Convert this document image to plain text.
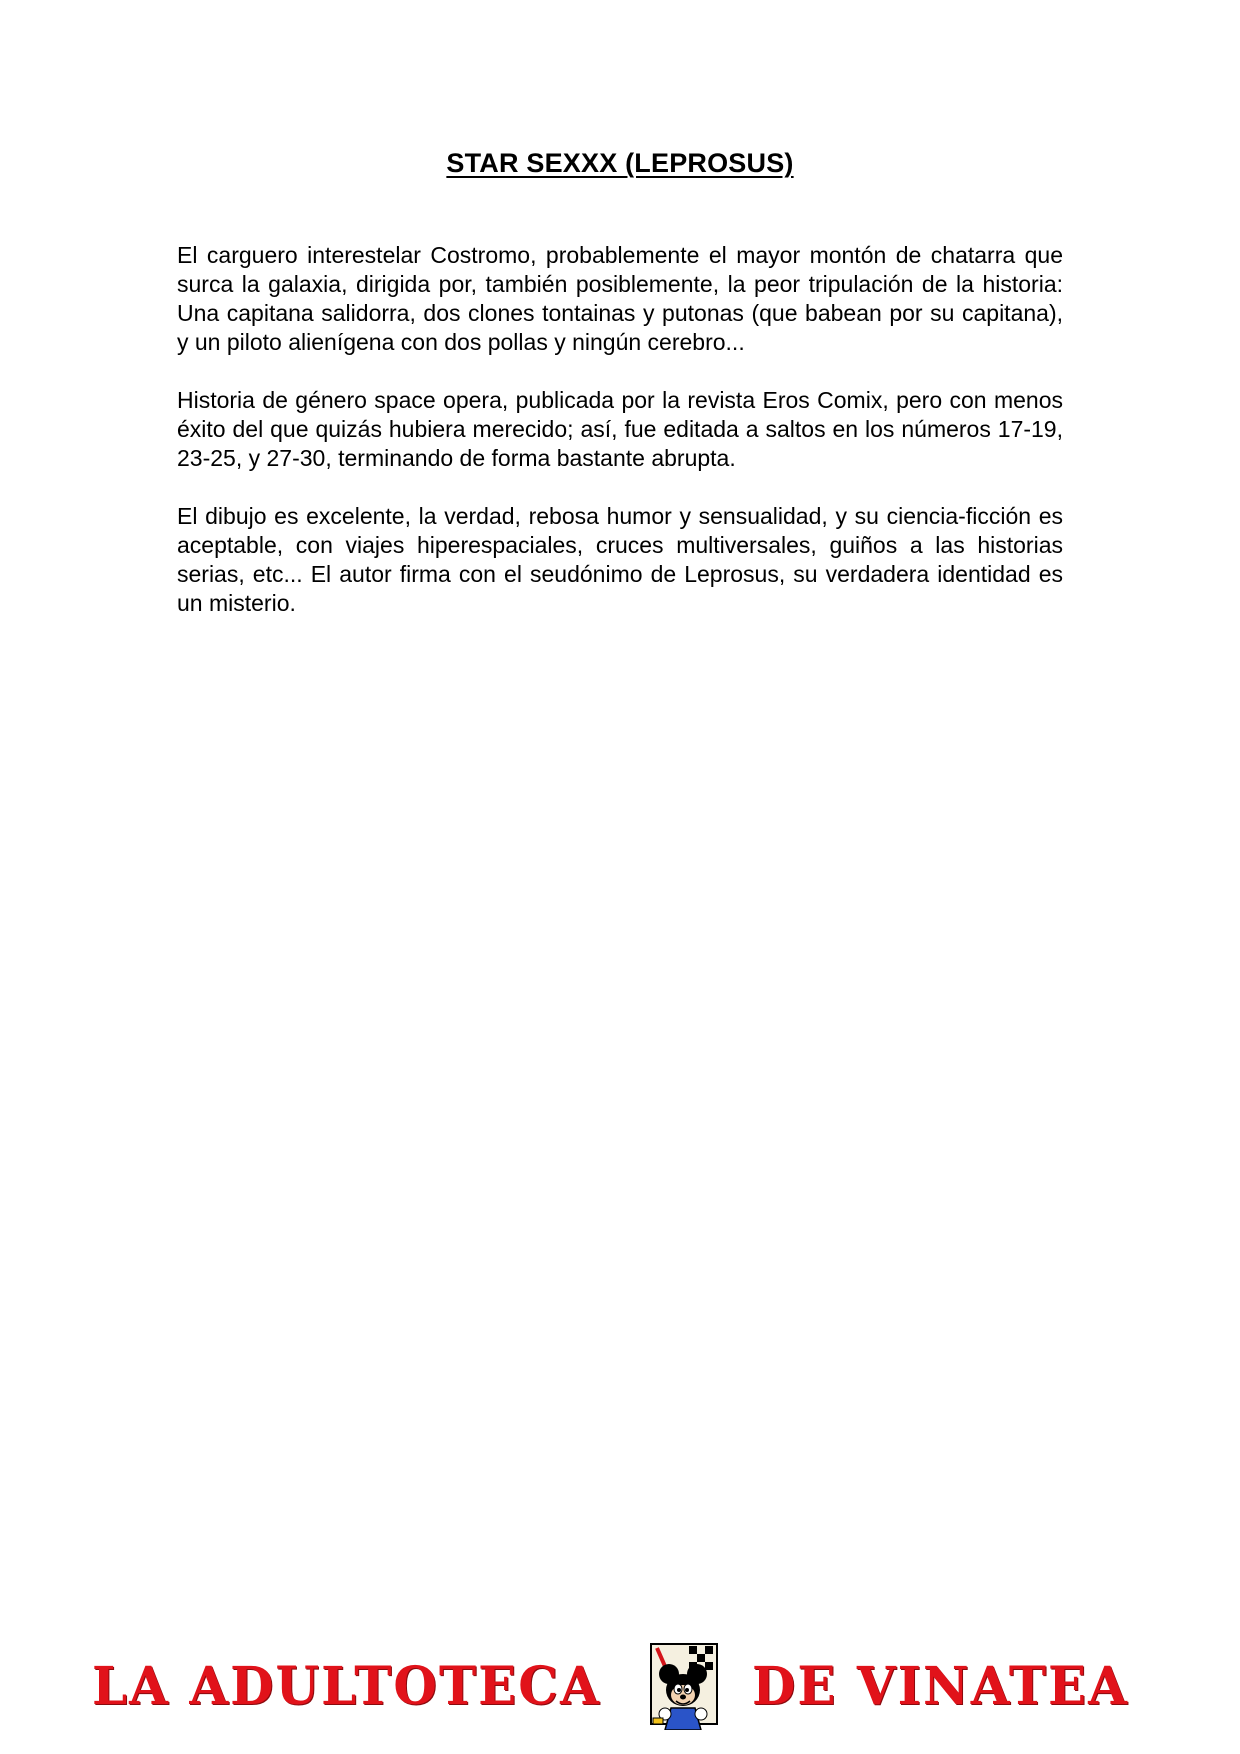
STAR SEXXX (LEPROSUS)

El carguero interestelar Costromo, probablemente el mayor montón de chatarra que surca la galaxia, dirigida por, también posiblemente, la peor tripulación de la historia: Una capitana salidorra, dos clones tontainas y putonas (que babean por su capitana), y un piloto alienígena con dos pollas y ningún cerebro...

Historia de género space opera, publicada por la revista Eros Comix, pero con menos éxito del que quizás hubiera merecido; así, fue editada a saltos en los números 17-19, 23-25, y 27-30, terminando de forma bastante abrupta.

El dibujo es excelente, la verdad, rebosa humor y sensualidad, y su ciencia-ficción es aceptable, con viajes hiperespaciales, cruces multiversales, guiños a las historias serias, etc... El autor firma con el seudónimo de Leprosus, su verdadera identidad es un misterio.

LA ADULTOTECA	DE VINATEA
